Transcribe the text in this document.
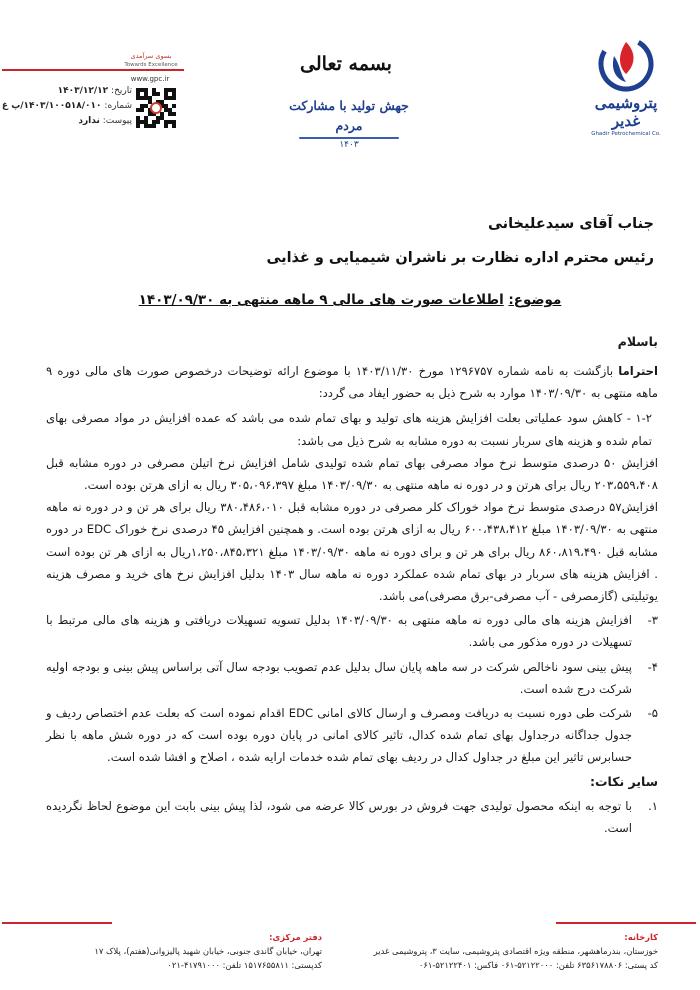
پتروشیمی غدیر
Ghadir Petrochemical Co.
بسمه تعالی
جهش تولید با مشارکت مردم
۱۴۰۳
بسوی سرآمدی
Towards Excellence
www.gpc.ir
تاریخ: ۱۴۰۳/۱۲/۱۲
شماره: ۱۴۰۳/۱۰۰۵۱۸/۰۱۰/پ غ
پیوست: ندارد
جناب آقای سیدعلیخانی
رئیس محترم اداره نظارت بر ناشران شیمیایی و غذایی
موضوع: اطلاعات صورت های مالی ۹ ماهه منتهی به ۱۴۰۳/۰۹/۳۰
باسلام

احتراما بازگشت به نامه شماره ۱۲۹۶۷۵۷ مورخ ۱۴۰۳/۱۱/۳۰ با موضوع ارائه توضیحات درخصوص صورت های مالی دوره ۹ ماهه منتهی به ۱۴۰۳/۰۹/۳۰ موارد به شرح ذیل به حضور ایفاد می گردد:

۱-۲ - کاهش سود عملیاتی بعلت افزایش هزینه های تولید و بهای تمام شده می باشد که عمده افزایش در مواد مصرفی بهای تمام شده و هزینه های سربار نسبت به دوره مشابه به شرح ذیل می باشد:

افزایش ۵۰ درصدی متوسط نرخ مواد مصرفی بهای تمام شده تولیدی شامل افزایش نرخ اتیلن مصرفی در دوره مشابه قبل ۲۰۳،۵۵۹،۴۰۸ ریال برای هرتن و در دوره نه ماهه منتهی به ۱۴۰۳/۰۹/۳۰ مبلغ ۳۰۵،۰۹۶،۳۹۷ ریال به ازای هرتن بوده است.

افزایش۵۷ درصدی متوسط نرخ مواد خوراک کلر مصرفی در دوره مشابه قبل ۳۸۰،۴۸۶،۰۱۰ ریال برای هر تن و در دوره نه ماهه منتهی به ۱۴۰۳/۰۹/۳۰ مبلغ ۶۰۰،۴۳۸،۴۱۲ ریال به ازای هرتن بوده است. و همچنین افزایش ۴۵ درصدی نرخ خوراک EDC در دوره مشابه قبل ۸۶۰،۸۱۹،۴۹۰ ریال برای هر تن و برای دوره نه ماهه ۱۴۰۳/۰۹/۳۰ مبلغ ۱،۲۵۰،۸۴۵،۳۲۱ریال به ازای هر تن بوده است . افزایش هزینه های سربار در بهای تمام شده عملکرد دوره نه ماهه سال ۱۴۰۳ بدلیل افزایش نرخ های خرید و مصرف هزینه یوتیلیتی (گازمصرفی - آب مصرفی-برق مصرفی)می باشد.

۳-
افزایش هزینه های مالی دوره نه ماهه منتهی به ۱۴۰۳/۰۹/۳۰ بدلیل تسویه تسهیلات دریافتی و هزینه های مالی مرتبط با تسهیلات در دوره مذکور می باشد.
۴-
پیش بینی سود ناخالص شرکت در سه ماهه پایان سال بدلیل عدم تصویب بودجه سال آتی براساس پیش بینی و بودجه اولیه شرکت درج شده است.
۵-
شرکت طی دوره نسبت به دریافت ومصرف و ارسال کالای امانی EDC اقدام نموده است که بعلت عدم اختصاص ردیف و جدول جداگانه درجداول بهای تمام شده کدال، تاثیر کالای امانی در پایان دوره بوده است که در دوره شش ماهه با نظر حسابرس تاثیر این مبلغ در جداول کدال در ردیف بهای تمام شده خدمات ارایه شده ، اصلاح و افشا شده است.
سایر نکات:
۱.
با توجه به اینکه محصول تولیدی جهت فروش در بورس کالا عرضه می شود، لذا پیش بینی بابت این موضوع لحاظ نگردیده است.
کارخانه:
خوزستان، بندرماهشهر، منطقه ویژه اقتصادی پتروشیمی، سایت ۳، پتروشیمی غدیر
کد پستی: ۶۳۵۶۱۷۸۸۰۶ تلفن: ۵۲۱۲۲۰۰۰-۰۶۱ فاکس: ۵۲۱۲۲۴۰۱-۰۶۱
دفتر مرکزی:
تهران، خیابان گاندی جنوبی، خیابان شهید پالیزوانی(هفتم)، پلاک ۱۷
کدپستی: ۱۵۱۷۶۵۵۸۱۱ تلفن: ۴۱۷۹۱۰۰۰-۰۲۱
